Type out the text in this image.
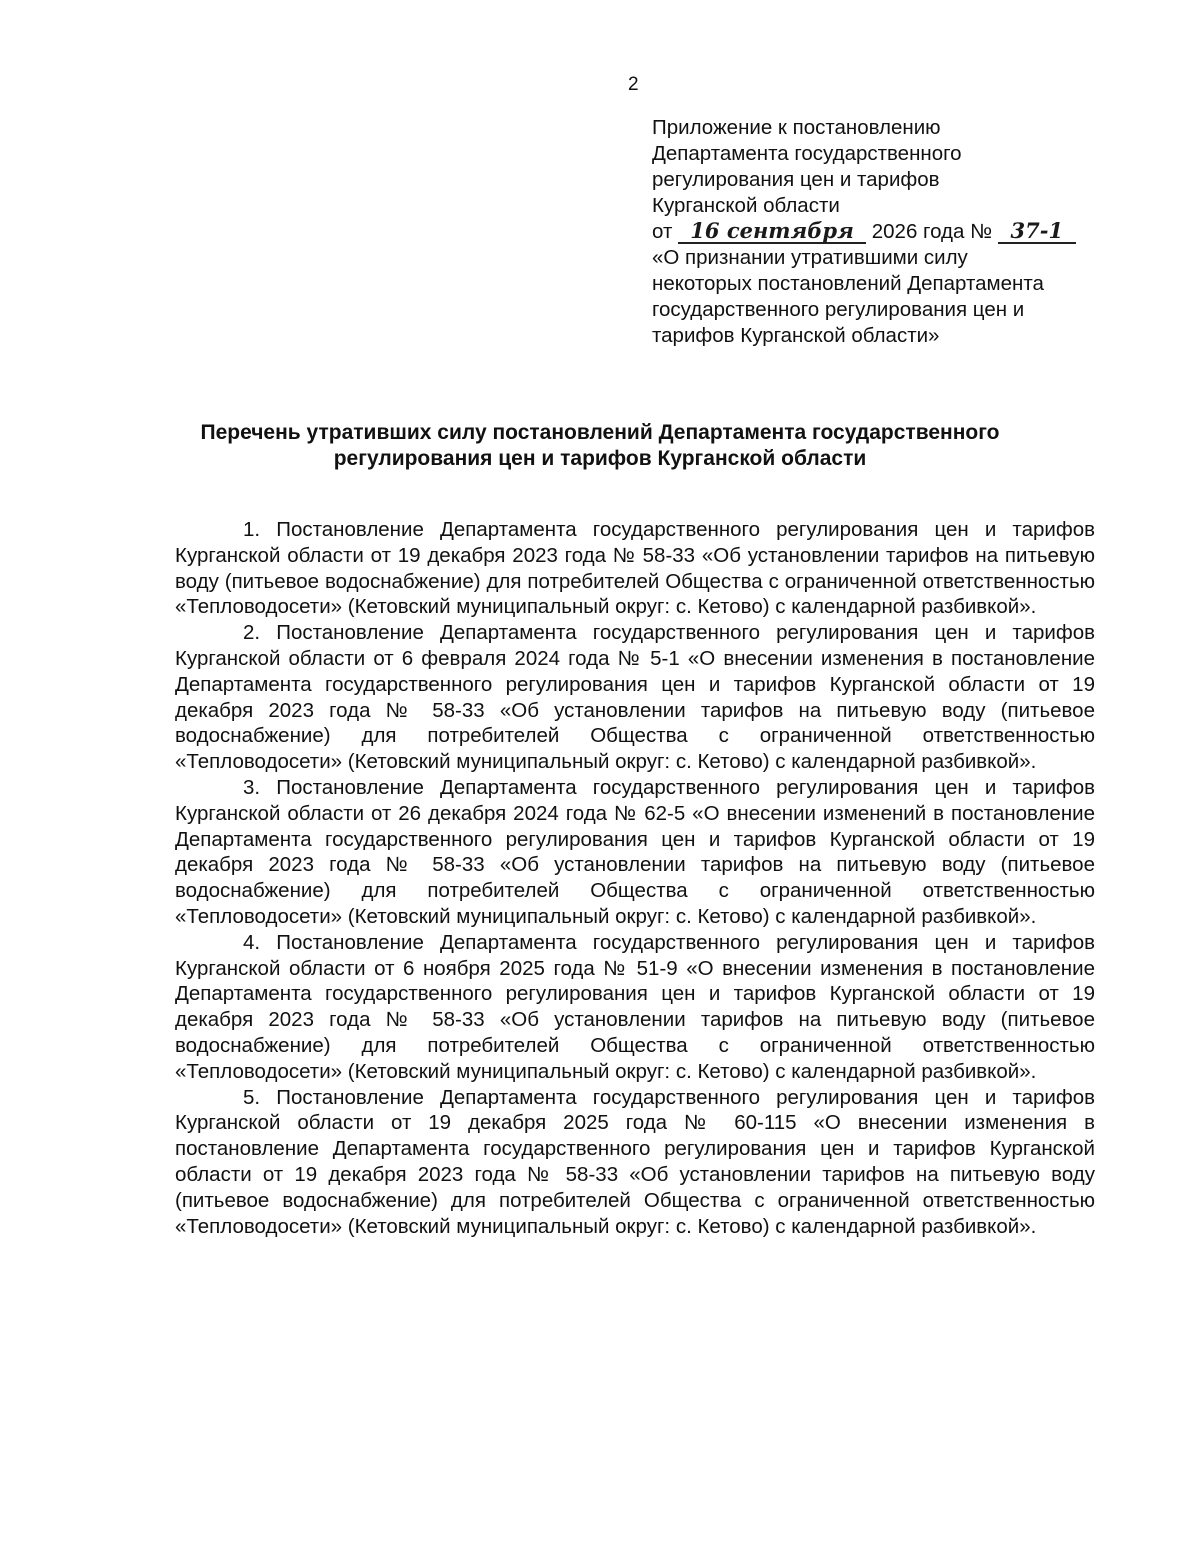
2
Приложение к постановлению
Департамента государственного
регулирования цен и тарифов
Курганской области
от 16 сентября 2026 года № 37-1
«О признании утратившими силу
некоторых постановлений Департамента
государственного регулирования цен и
тарифов Курганской области»
Перечень утративших силу постановлений Департамента государственного регулирования цен и тарифов Курганской области

1. Постановление Департамента государственного регулирования цен и тарифов Курганской области от 19 декабря 2023 года № 58-33 «Об установлении тарифов на питьевую воду (питьевое водоснабжение) для потребителей Общества с ограниченной ответственностью «Тепловодосети» (Кетовский муниципальный округ: с. Кетово) с календарной разбивкой».

2. Постановление Департамента государственного регулирования цен и тарифов Курганской области от 6 февраля 2024 года № 5-1 «О внесении изменения в постановление Департамента государственного регулирования цен и тарифов Курганской области от 19 декабря 2023 года № 58-33 «Об установлении тарифов на питьевую воду (питьевое водоснабжение) для потребителей Общества с ограниченной ответственностью «Тепловодосети» (Кетовский муниципальный округ: с. Кетово) с календарной разбивкой».

3. Постановление Департамента государственного регулирования цен и тарифов Курганской области от 26 декабря 2024 года № 62-5 «О внесении изменений в постановление Департамента государственного регулирования цен и тарифов Курганской области от 19 декабря 2023 года № 58-33 «Об установлении тарифов на питьевую воду (питьевое водоснабжение) для потребителей Общества с ограниченной ответственностью «Тепловодосети» (Кетовский муниципальный округ: с. Кетово) с календарной разбивкой».

4. Постановление Департамента государственного регулирования цен и тарифов Курганской области от 6 ноября 2025 года № 51-9 «О внесении изменения в постановление Департамента государственного регулирования цен и тарифов Курганской области от 19 декабря 2023 года № 58-33 «Об установлении тарифов на питьевую воду (питьевое водоснабжение) для потребителей Общества с ограниченной ответственностью «Тепловодосети» (Кетовский муниципальный округ: с. Кетово) с календарной разбивкой».

5. Постановление Департамента государственного регулирования цен и тарифов Курганской области от 19 декабря 2025 года № 60-115 «О внесении изменения в постановление Департамента государственного регулирования цен и тарифов Курганской области от 19 декабря 2023 года № 58-33 «Об установлении тарифов на питьевую воду (питьевое водоснабжение) для потребителей Общества с ограниченной ответственностью «Тепловодосети» (Кетовский муниципальный округ: с. Кетово) с календарной разбивкой».
